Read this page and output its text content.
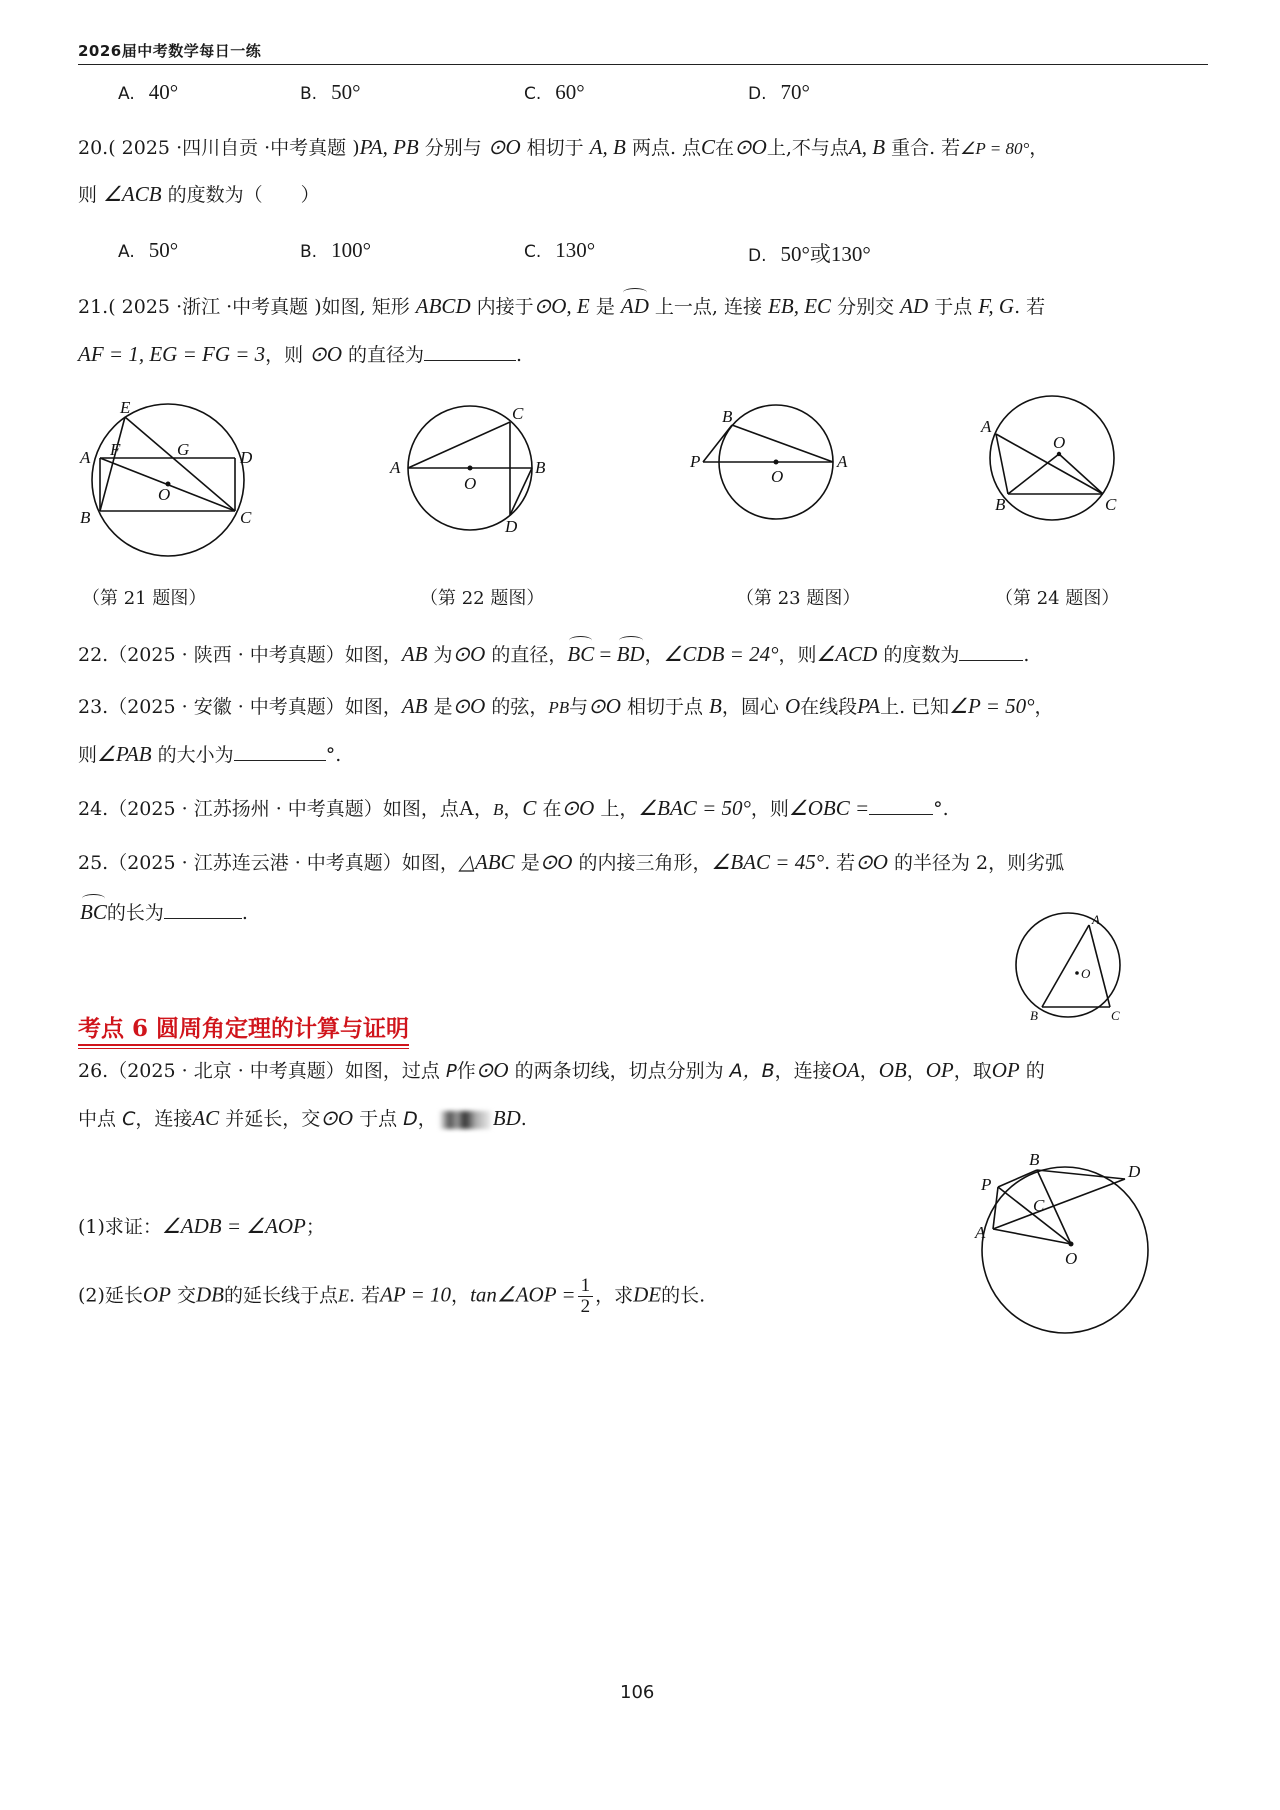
2026届中考数学每日一练
A. 40°	B. 50°	C. 60°	D. 70°
20.( 2025 ·四川自贡 ·中考真题 )PA, PB 分别与 ⊙O 相切于 A, B 两点. 点C在⊙O上,不与点A, B 重合. 若∠P = 80°，
则 ∠ACB 的度数为（　　）
A. 50°	B. 100°	C. 130°	D. 50°或130°
21.( 2025 ·浙江 ·中考真题 )如图, 矩形 ABCD 内接于⊙O, E 是 AD 上一点, 连接 EB, EC 分别交 AD 于点 F, G. 若
AF = 1, EG = FG = 3，则 ⊙O 的直径为	.
E
A F	G	D
O
B	C
C
A
O
B
D
B
P
O
A
A
O
B	C
（第 21 题图）	（第 22 题图）	（第 23 题图）	（第 24 题图）
22.（2025 · 陕西 · 中考真题）如图，AB 为⊙O 的直径，BC = BD，∠CDB = 24°，则∠ACD 的度数为	.
23.（2025 · 安徽 · 中考真题）如图，AB 是⊙O 的弦，PB与⊙O 相切于点 B，圆心 O在线段PA上. 已知∠P = 50°，
则∠PAB 的大小为	°.
24.（2025 · 江苏扬州 · 中考真题）如图，点A，B，C 在⊙O 上，∠BAC = 50°，则∠OBC =	°.
25.（2025 · 江苏连云港 · 中考真题）如图，△ABC 是⊙O 的内接三角形，∠BAC = 45°. 若⊙O 的半径为 2，则劣弧
BC的长为	.	A
O
B	C
考点 6 圆周角定理的计算与证明
26.（2025 · 北京 · 中考真题）如图，过点 P作⊙O 的两条切线，切点分别为 A，B，连接OA，OB，OP，取OP 的
中点 C，连接AC 并延长，交⊙O 于点 D，	BD.
(1)求证：∠ADB = ∠AOP；
(2)延长OP 交DB的延长线于点E. 若AP = 10，tan∠AOP = $\frac{1}{2}$ ，求DE的长.
B
D
P
C
A
O
106
